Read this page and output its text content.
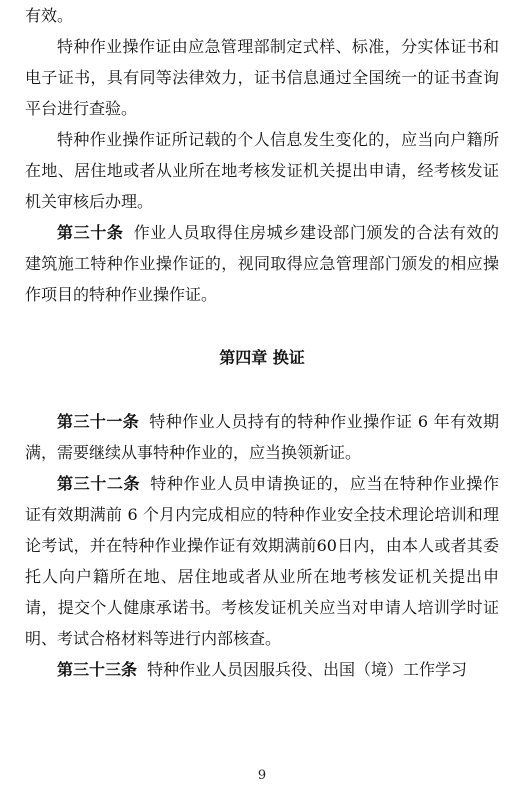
有效。

特种作业操作证由应急管理部制定式样、标准，分实体证书和电子证书，具有同等法律效力，证书信息通过全国统一的证书查询平台进行查验。

特种作业操作证所记载的个人信息发生变化的，应当向户籍所在地、居住地或者从业所在地考核发证机关提出申请，经考核发证机关审核后办理。

第三十条 作业人员取得住房城乡建设部门颁发的合法有效的建筑施工特种作业操作证的，视同取得应急管理部门颁发的相应操作项目的特种作业操作证。

第四章 换证

第三十一条 特种作业人员持有的特种作业操作证 6 年有效期满，需要继续从事特种作业的，应当换领新证。

第三十二条 特种作业人员申请换证的，应当在特种作业操作证有效期满前 6 个月内完成相应的特种作业安全技术理论培训和理论考试，并在特种作业操作证有效期满前60日内，由本人或者其委托人向户籍所在地、居住地或者从业所在地考核发证机关提出申请，提交个人健康承诺书。考核发证机关应当对申请人培训学时证明、考试合格材料等进行内部核查。

第三十三条 特种作业人员因服兵役、出国（境）工作学习

9
